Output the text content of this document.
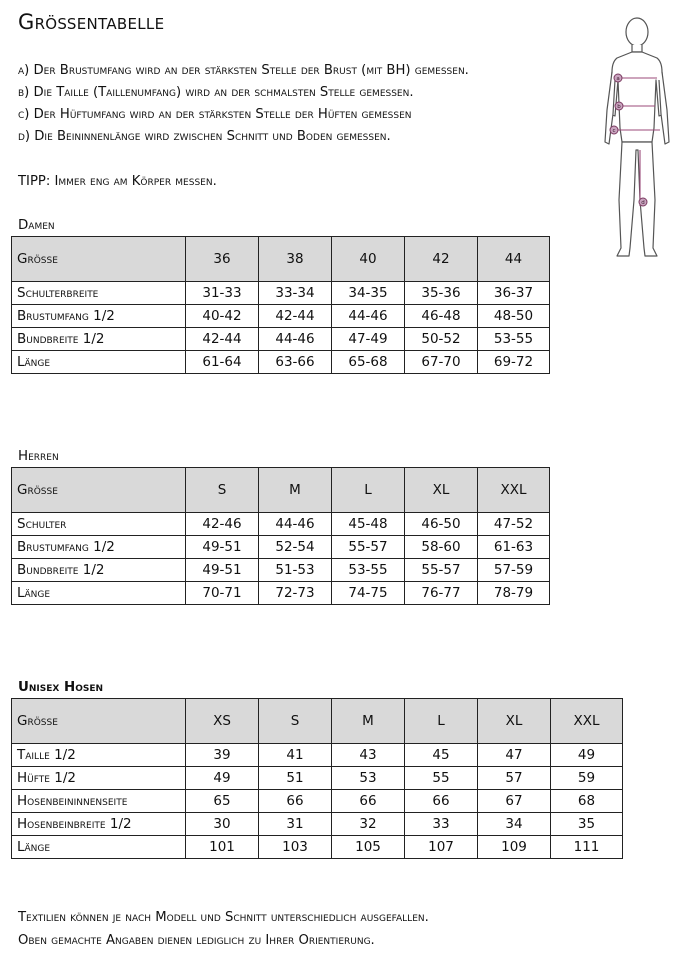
Größentabelle
a) Der Brustumfang wird an der stärksten Stelle der Brust (mit BH) gemessen.
b) Die Taille (Taillenumfang) wird an der schmalsten Stelle gemessen.
c) Der Hüftumfang wird an der stärksten Stelle der Hüften gemessen
d) Die Beininnenlänge wird zwischen Schnitt und Boden gemessen.
TIPP: Immer eng am Körper messen.
Damen
Größe	36	38	40	42	44
Schulterbreite	31-33	33-34	34-35	35-36	36-37
Brustumfang 1/2	40-42	42-44	44-46	46-48	48-50
Bundbreite 1/2	42-44	44-46	47-49	50-52	53-55
Länge	61-64	63-66	65-68	67-70	69-72
Herren
Größe	S	M	L	XL	XXL
Schulter	42-46	44-46	45-48	46-50	47-52
Brustumfang 1/2	49-51	52-54	55-57	58-60	61-63
Bundbreite 1/2	49-51	51-53	53-55	55-57	57-59
Länge	70-71	72-73	74-75	76-77	78-79
Unisex Hosen
Größe	XS	S	M	L	XL	XXL
Taille 1/2	39	41	43	45	47	49
Hüfte 1/2	49	51	53	55	57	59
Hosenbeininnenseite	65	66	66	66	67	68
Hosenbeinbreite 1/2	30	31	32	33	34	35
Länge	101	103	105	107	109	111
Textilien können je nach Modell und Schnitt unterschiedlich ausgefallen.
Oben gemachte Angaben dienen lediglich zu Ihrer Orientierung.
a
b
c
d
